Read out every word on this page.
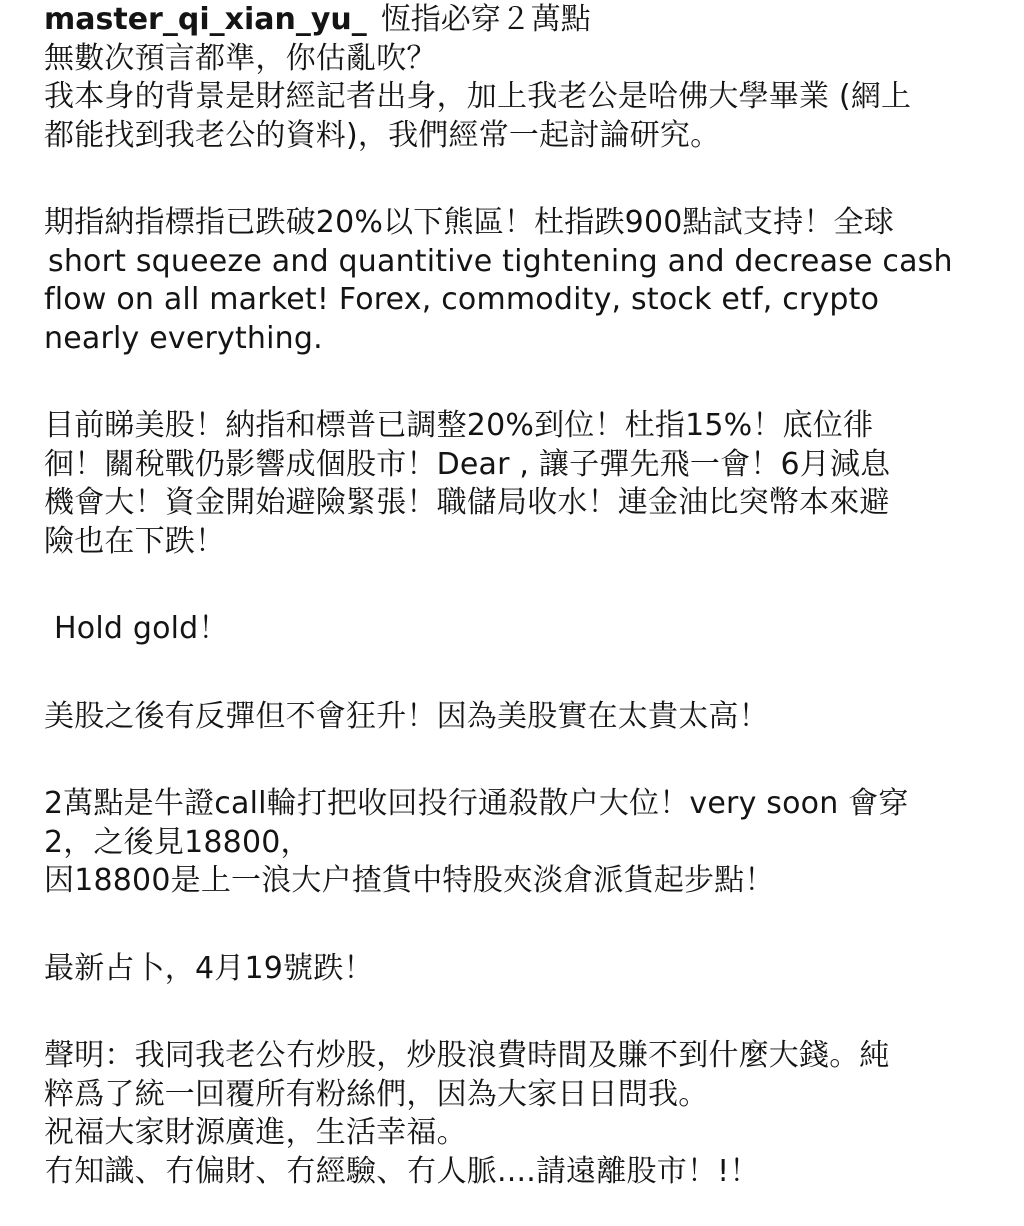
master_qi_xian_yu_ 恆指必穿２萬點
無數次預言都準，你估亂吹？
我本身的背景是財經記者出身，加上我老公是哈佛大學畢業 (網上
都能找到我老公的資料)，我們經常一起討論研究。
期指納指標指已跌破20%以下熊區！杜指跌900點試支持！全球
short squeeze and quantitive tightening and decrease cash
flow on all market! Forex, commodity, stock etf, crypto
nearly everything.
目前睇美股！納指和標普已調整20%到位！杜指15%！底位徘
徊！關稅戰仍影響成個股市！Dear , 讓子彈先飛一會！6月減息
機會大！資金開始避險緊張！職儲局收水！連金油比突幣本來避
險也在下跌！
Hold gold！
美股之後有反彈但不會狂升！因為美股實在太貴太高！
2萬點是牛證call輪打把收回投行通殺散户大位！very soon 會穿
2，之後見18800，
因18800是上一浪大户揸貨中特股夾淡倉派貨起步點！
最新占卜，4月19號跌！
聲明：我同我老公冇炒股，炒股浪費時間及賺不到什麼大錢。純
粹爲了統一回覆所有粉絲們，因為大家日日問我。
祝福大家財源廣進，生活幸福。
冇知識、冇偏財、冇經驗、冇人脈....請遠離股市！!！
